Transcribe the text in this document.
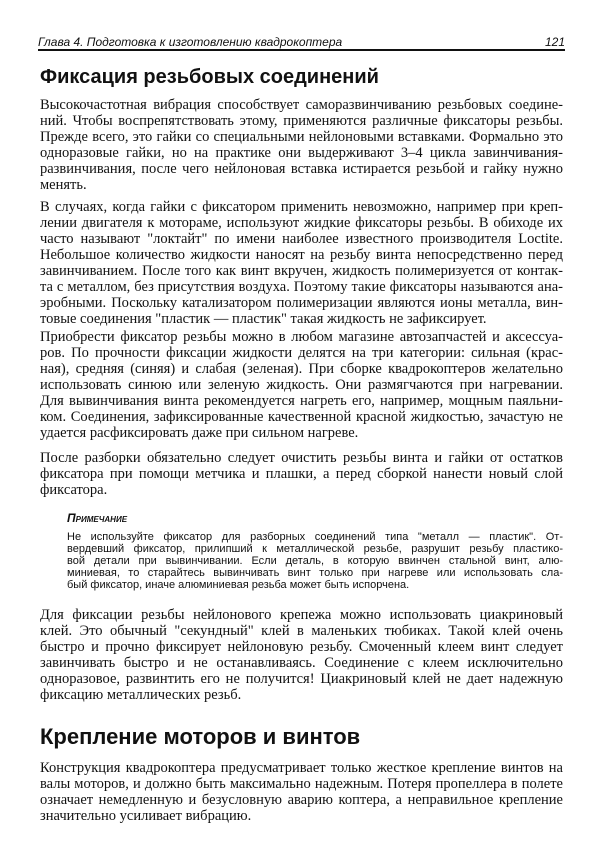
Глава 4. Подготовка к изготовлению квадрокоптера	121
Фиксация резьбовых соединений
Высокочастотная вибрация способствует саморазвинчиванию резьбовых соедине-
ний. Чтобы воспрепятствовать этому, применяются различные фиксаторы резьбы.
Прежде всего, это гайки со специальными нейлоновыми вставками. Формально это
одноразовые гайки, но на практике они выдерживают 3–4 цикла завинчивания-
развинчивания, после чего нейлоновая вставка истирается резьбой и гайку нужно
менять.
В случаях, когда гайки с фиксатором применить невозможно, например при креп-
лении двигателя к мотораме, используют жидкие фиксаторы резьбы. В обиходе их
часто называют "локтайт" по имени наиболее известного производителя Loctite.
Небольшое количество жидкости наносят на резьбу винта непосредственно перед
завинчиванием. После того как винт вкручен, жидкость полимеризуется от контак-
та с металлом, без присутствия воздуха. Поэтому такие фиксаторы называются ана-
эробными. Поскольку катализатором полимеризации являются ионы металла, вин-
товые соединения "пластик — пластик" такая жидкость не зафиксирует.
Приобрести фиксатор резьбы можно в любом магазине автозапчастей и аксессуа-
ров. По прочности фиксации жидкости делятся на три категории: сильная (крас-
ная), средняя (синяя) и слабая (зеленая). При сборке квадрокоптеров желательно
использовать синюю или зеленую жидкость. Они размягчаются при нагревании.
Для вывинчивания винта рекомендуется нагреть его, например, мощным паяльни-
ком. Соединения, зафиксированные качественной красной жидкостью, зачастую не
удается расфиксировать даже при сильном нагреве.
После разборки обязательно следует очистить резьбы винта и гайки от остатков
фиксатора при помощи метчика и плашки, а перед сборкой нанести новый слой
фиксатора.
Примечание
Не используйте фиксатор для разборных соединений типа "металл — пластик". От-
вердевший фиксатор, прилипший к металлической резьбе, разрушит резьбу пластико-
вой детали при вывинчивании. Если деталь, в которую ввинчен стальной винт, алю-
миниевая, то старайтесь вывинчивать винт только при нагреве или использовать сла-
бый фиксатор, иначе алюминиевая резьба может быть испорчена.
Для фиксации резьбы нейлонового крепежа можно использовать циакриновый
клей. Это обычный "секундный" клей в маленьких тюбиках. Такой клей очень
быстро и прочно фиксирует нейлоновую резьбу. Смоченный клеем винт следует
завинчивать быстро и не останавливаясь. Соединение с клеем исключительно
одноразовое, развинтить его не получится! Циакриновый клей не дает надежную
фиксацию металлических резьб.
Крепление моторов и винтов
Конструкция квадрокоптера предусматривает только жесткое крепление винтов на
валы моторов, и должно быть максимально надежным. Потеря пропеллера в полете
означает немедленную и безусловную аварию коптера, а неправильное крепление
значительно усиливает вибрацию.
